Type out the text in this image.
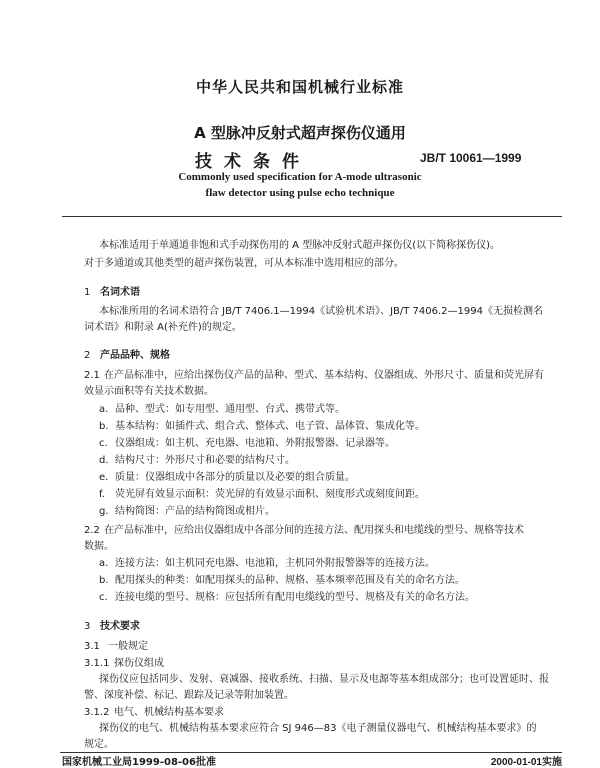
中华人民共和国机械行业标准
A 型脉冲反射式超声探伤仪通用
技术条件	JB/T 10061—1999
Commonly used specification for A-mode ultrasonic
flaw detector using pulse echo technique
本标准适用于单通道非饱和式手动探伤用的 A 型脉冲反射式超声探伤仪(以下简称探伤仪)。
对于多通道或其他类型的超声探伤装置，可从本标准中选用相应的部分。
1 名词术语
本标准所用的名词术语符合 JB/T 7406.1—1994《试验机术语》、JB/T 7406.2—1994《无损检测名
词术语》和附录 A(补充件)的规定。
2 产品品种、规格
2.1 在产品标准中，应给出探伤仪产品的品种、型式、基本结构、仪器组成、外形尺寸、质量和荧光屏有
效显示面积等有关技术数据。
a. 品种、型式：如专用型、通用型、台式、携带式等。
b. 基本结构：如插件式、组合式、整体式、电子管、晶体管、集成化等。
c. 仪器组成：如主机、充电器、电池箱、外附报警器、记录器等。
d. 结构尺寸：外形尺寸和必要的结构尺寸。
e. 质量：仪器组成中各部分的质量以及必要的组合质量。
f. 荧光屏有效显示面积：荧光屏的有效显示面积、刻度形式或刻度间距。
g. 结构简图：产品的结构简图或相片。
2.2 在产品标准中，应给出仪器组成中各部分间的连接方法、配用探头和电缆线的型号、规格等技术
数据。
a. 连接方法：如主机同充电器、电池箱，主机同外附报警器等的连接方法。
b. 配用探头的种类：如配用探头的品种、规格、基本频率范围及有关的命名方法。
c. 连接电缆的型号、规格：应包括所有配用电缆线的型号、规格及有关的命名方法。
3 技术要求
3.1 一般规定
3.1.1 探伤仪组成
探伤仪应包括同步、发射、衰减器、接收系统、扫描、显示及电源等基本组成部分；也可设置延时、报
警、深度补偿、标记、跟踪及记录等附加装置。
3.1.2 电气、机械结构基本要求
探伤仪的电气、机械结构基本要求应符合 SJ 946—83《电子测量仪器电气、机械结构基本要求》的
规定。
国家机械工业局1999-08-06批准	2000-01-01实施
